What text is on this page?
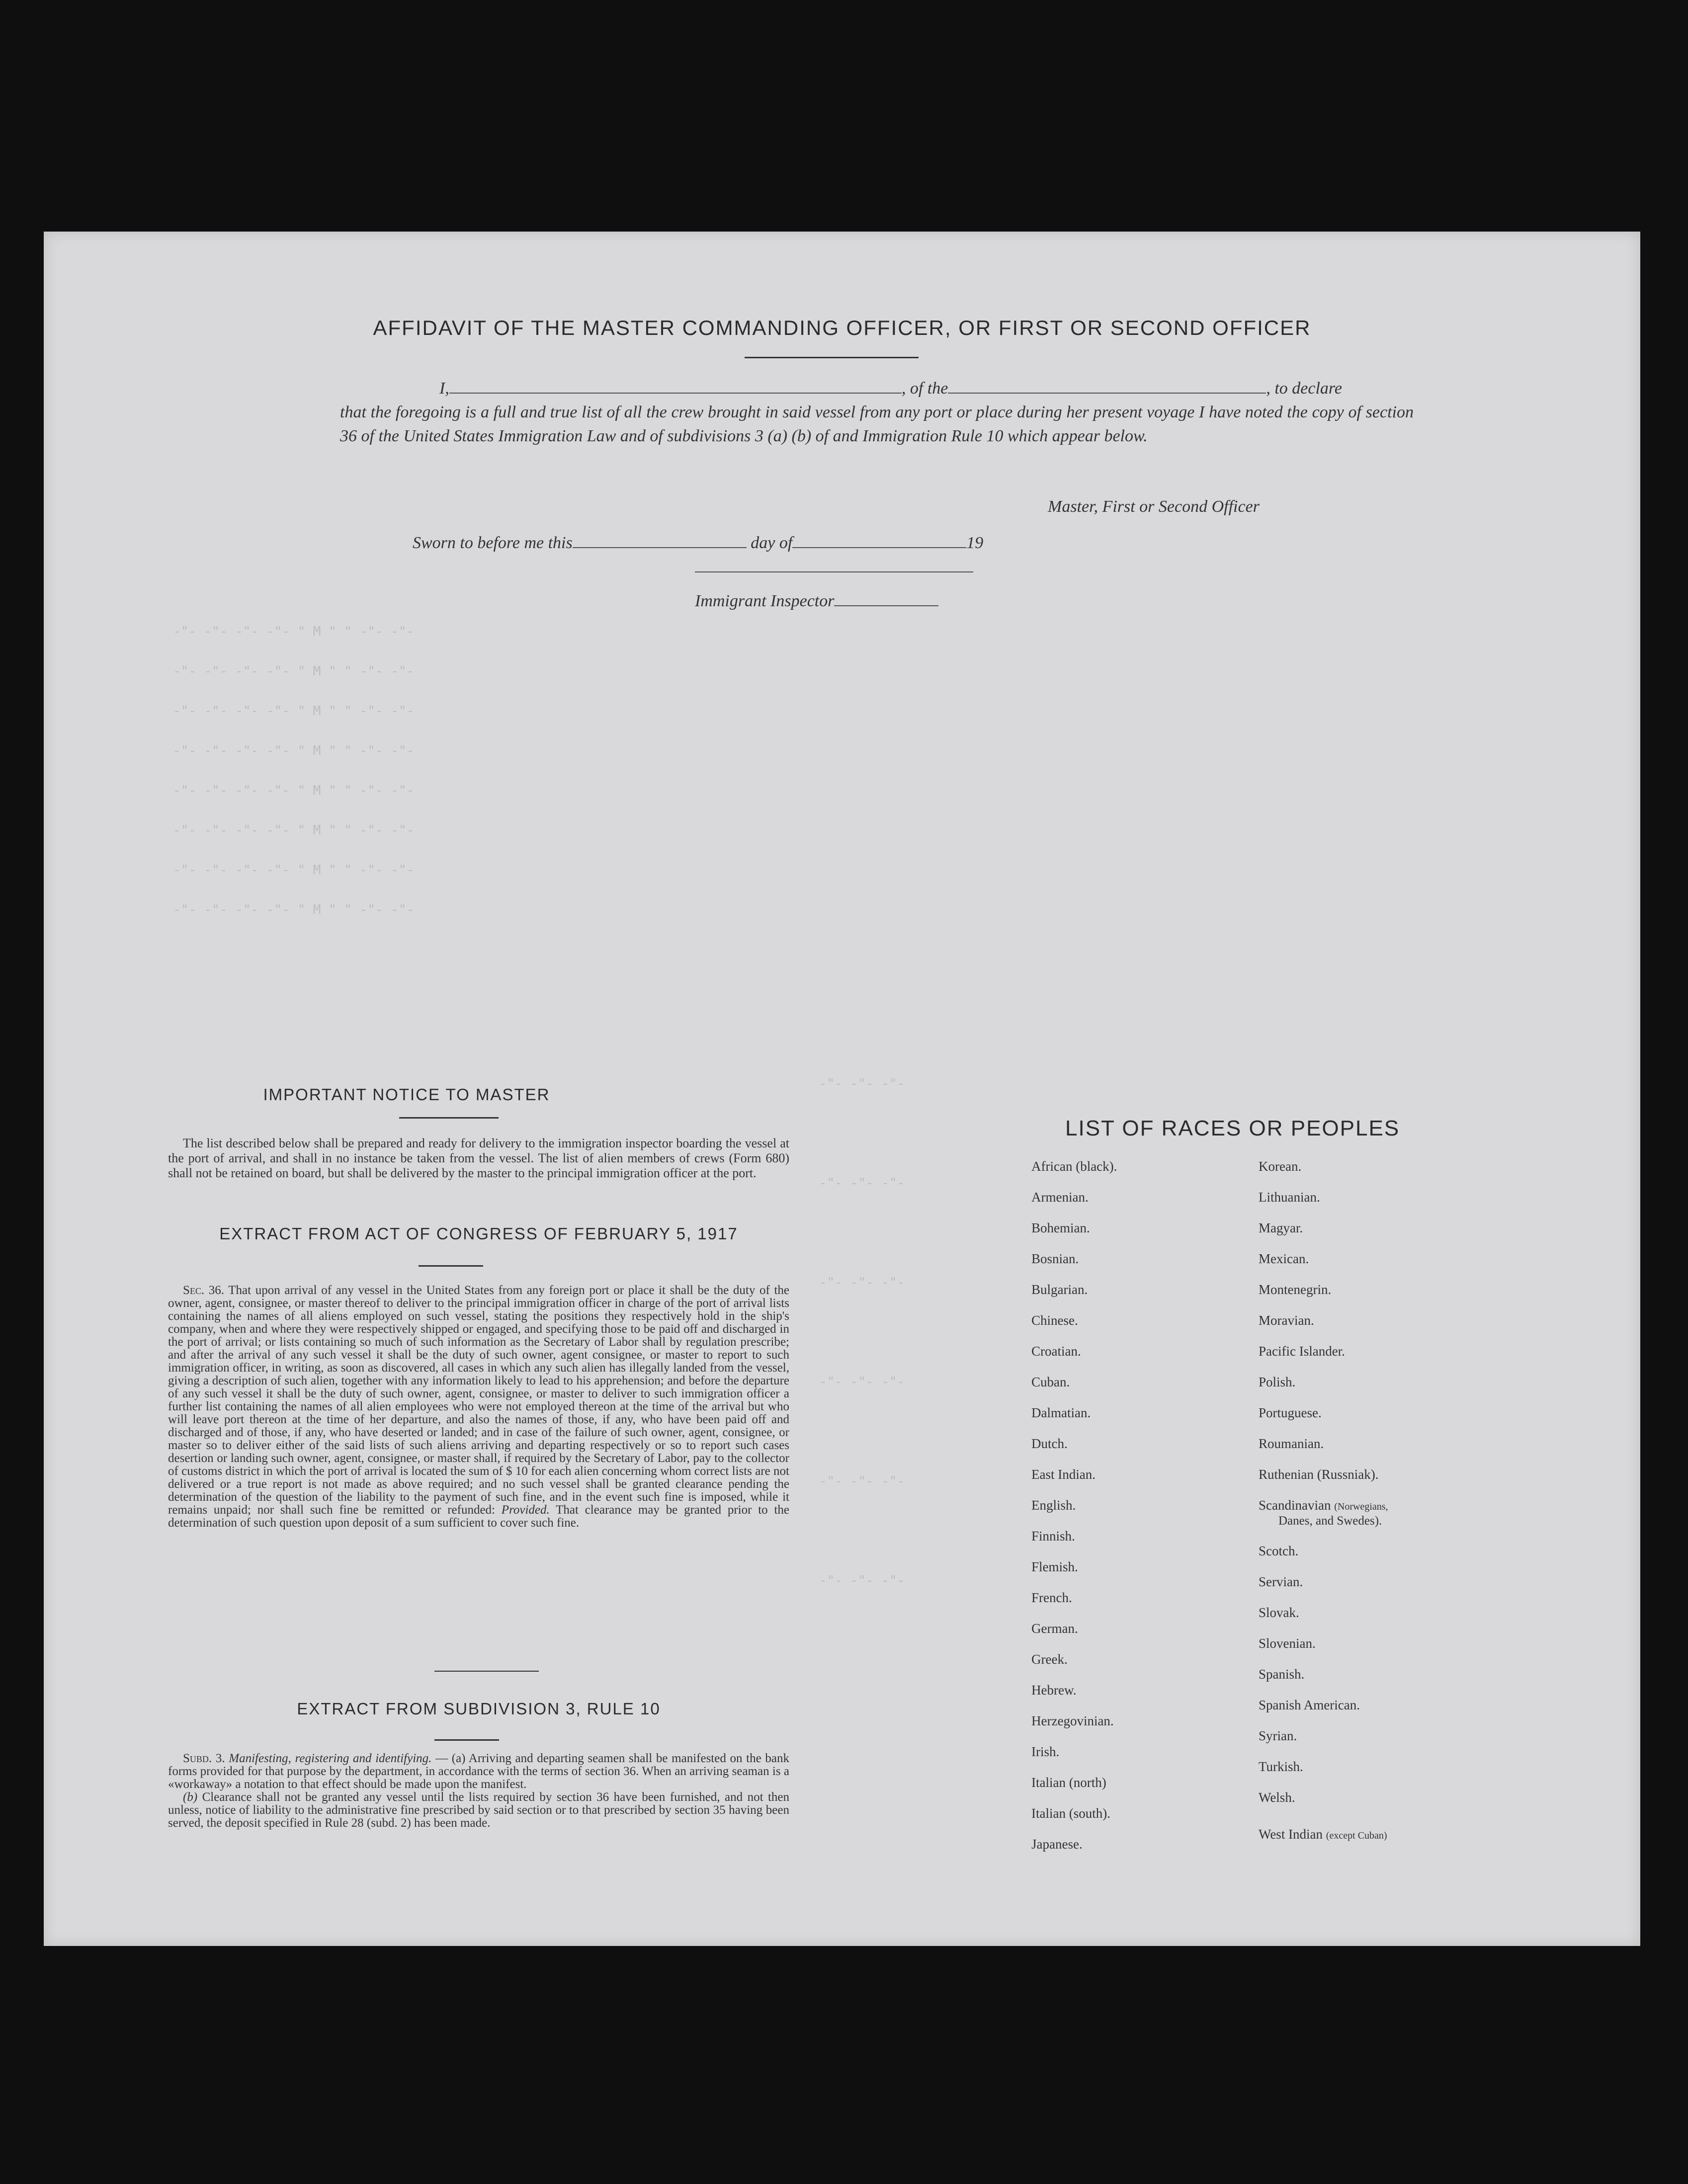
-"- -"- -"- -"- " M " " -"- -"-
-"- -"- -"- -"- " M " " -"- -"-
-"- -"- -"- -"- " M " " -"- -"-
-"- -"- -"- -"- " M " " -"- -"-
-"- -"- -"- -"- " M " " -"- -"-
-"- -"- -"- -"- " M " " -"- -"-
-"- -"- -"- -"- " M " " -"- -"-
-"- -"- -"- -"- " M " " -"- -"-
-"- -"- -"-
-"- -"- -"-
-"- -"- -"-
-"- -"- -"-
-"- -"- -"-
-"- -"- -"-
AFFIDAVIT OF THE MASTER COMMANDING OFFICER, OR FIRST OR SECOND OFFICER
I,	, of the	, to declare
that the foregoing is a full and true list of all the crew brought in said vessel from any port or place during her present voyage I have noted the copy of section 36 of the United States Immigration Law and of subdivisions 3 (a) (b) of and Immigration Rule 10 which appear below.
Master, First or Second Officer
Sworn to before me this	day of	19
Immigrant Inspector
IMPORTANT NOTICE TO MASTER
The list described below shall be prepared and ready for delivery to the immigration inspector boarding the vessel at the port of arrival, and shall in no instance be taken from the vessel. The list of alien members of crews (Form 680) shall not be retained on board, but shall be delivered by the master to the principal immigration officer at the port.
EXTRACT FROM ACT OF CONGRESS OF FEBRUARY 5, 1917
Sec. 36. That upon arrival of any vessel in the United States from any foreign port or place it shall be the duty of the owner, agent, consignee, or master thereof to deliver to the principal immigration officer in charge of the port of arrival lists containing the names of all aliens employed on such vessel, stating the positions they respectively hold in the ship's company, when and where they were respectively shipped or engaged, and specifying those to be paid off and discharged in the port of arrival; or lists containing so much of such information as the Secretary of Labor shall by regulation prescribe; and after the arrival of any such vessel it shall be the duty of such owner, agent consignee, or master to report to such immigration officer, in writing, as soon as discovered, all cases in which any such alien has illegally landed from the vessel, giving a description of such alien, together with any information likely to lead to his apprehension; and before the departure of any such vessel it shall be the duty of such owner, agent, consignee, or master to deliver to such immigration officer a further list containing the names of all alien employees who were not employed thereon at the time of the arrival but who will leave port thereon at the time of her departure, and also the names of those, if any, who have been paid off and discharged and of those, if any, who have deserted or landed; and in case of the failure of such owner, agent, consignee, or master so to deliver either of the said lists of such aliens arriving and departing respectively or so to report such cases desertion or landing such owner, agent, consignee, or master shall, if required by the Secretary of Labor, pay to the collector of customs district in which the port of arrival is located the sum of $ 10 for each alien concerning whom correct lists are not delivered or a true report is not made as above required; and no such vessel shall be granted clearance pending the determination of the question of the liability to the payment of such fine, and in the event such fine is imposed, while it remains unpaid; nor shall such fine be remitted or refunded: Provided. That clearance may be granted prior to the determination of such question upon deposit of a sum sufficient to cover such fine.
EXTRACT FROM SUBDIVISION 3, RULE 10
Subd. 3. Manifesting, registering and identifying. — (a) Arriving and departing seamen shall be manifested on the bank forms provided for that purpose by the department, in accordance with the terms of section 36. When an arriving seaman is a «workaway» a notation to that effect should be made upon the manifest.
(b) Clearance shall not be granted any vessel until the lists required by section 36 have been furnished, and not then unless, notice of liability to the administrative fine prescribed by said section or to that prescribed by section 35 having been served, the deposit specified in Rule 28 (subd. 2) has been made.
LIST OF RACES OR PEOPLES
African (black).
Armenian.
Bohemian.
Bosnian.
Bulgarian.
Chinese.
Croatian.
Cuban.
Dalmatian.
Dutch.
East Indian.
English.
Finnish.
Flemish.
French.
German.
Greek.
Hebrew.
Herzegovinian.
Irish.
Italian (north)
Italian (south).
Japanese.
Korean.
Lithuanian.
Magyar.
Mexican.
Montenegrin.
Moravian.
Pacific Islander.
Polish.
Portuguese.
Roumanian.
Ruthenian (Russniak).
Scandinavian (Norwegians,
Danes, and Swedes).
Scotch.
Servian.
Slovak.
Slovenian.
Spanish.
Spanish American.
Syrian.
Turkish.
Welsh.
West Indian (except Cuban)
